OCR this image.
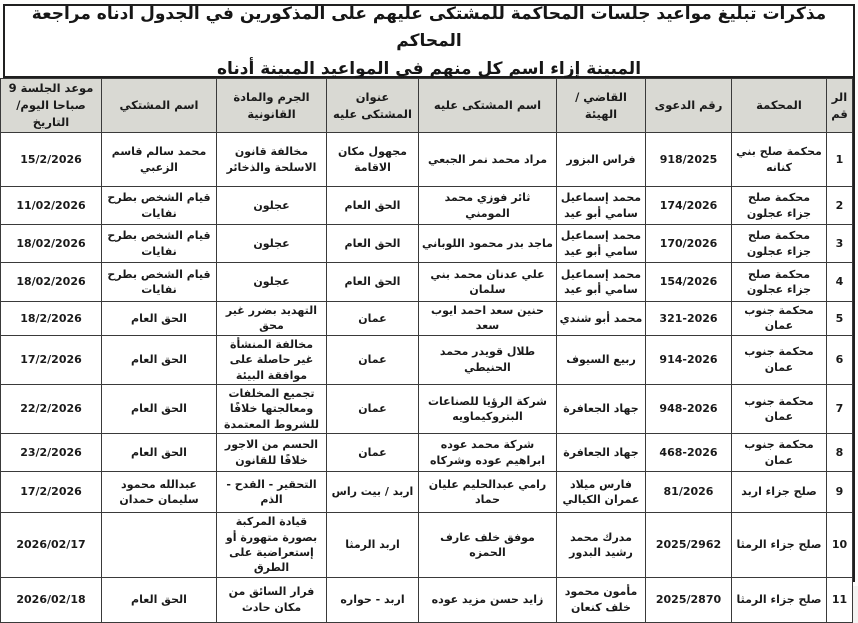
مذكرات تبليغ مواعيد جلسات المحاكمة للمشتكى عليهم على المذكورين في الجدول ادناه مراجعة المحاكم
المبينة إزاء اسم كل منهم في المواعيد المبينة أدناه
الرقم	المحكمة	رقم الدعوى	القاضي / الهيئة	اسم المشتكى عليه	عنوان المشتكى عليه	الجرم والمادة القانونية	اسم المشتكي	موعد الجلسة 9 صباحا اليوم/التاريخ
1	محكمة صلح بني كنانه	918/2025	فراس البزور	مراد محمد نمر الجبعي	مجهول مكان الاقامة	مخالفة قانون الاسلحة والذخائر	محمد سالم قاسم الزعبي	15/2/2026
2	محكمة صلح جزاء عجلون	174/2026	محمد إسماعيل سامي أبو عيد	ثائر فوزي محمد المومني	الحق العام	عجلون	قيام الشخص بطرح نفايات	11/02/2026
3	محكمة صلح جزاء عجلون	170/2026	محمد إسماعيل سامي أبو عيد	ماجد بدر محمود اللوباني	الحق العام	عجلون	قيام الشخص بطرح نفايات	18/02/2026
4	محكمة صلح جزاء عجلون	154/2026	محمد إسماعيل سامي أبو عيد	علي عدنان محمد بني سلمان	الحق العام	عجلون	قيام الشخص بطرح نفايات	18/02/2026
5	محكمة جنوب عمان	321-2026	محمد أبو شندي	حنين سعد احمد ايوب سعد	عمان	التهديد بضرر غير محق	الحق العام	18/2/2026
6	محكمة جنوب عمان	914-2026	ربيع السيوف	طلال قويدر محمد الحنيطي	عمان	مخالفة المنشأة غير حاصلة على موافقة البيئة	الحق العام	17/2/2026
7	محكمة جنوب عمان	948-2026	جهاد الجعافرة	شركة الرؤيا للصناعات البتروكيماويه	عمان	تجميع المخلفات ومعالجتها خلافًا للشروط المعتمدة	الحق العام	22/2/2026
8	محكمة جنوب عمان	468-2026	جهاد الجعافرة	شركة محمد عوده ابراهيم عوده وشركاه	عمان	الحسم من الاجور خلافًا للقانون	الحق العام	23/2/2026
9	صلح جزاء اربد	81/2026	فارس ميلاد عمران الكيالي	رامي عبدالحليم عليان حماد	اربد / بيت راس	التحقير - القدح - الذم	عبدالله محمود سليمان حمدان	17/2/2026
10	صلح جزاء الرمثا	2025/2962	مدرك محمد رشيد البدور	موفق خلف عارف الحمزه	اربد الرمثا	قيادة المركبة بصورة متهورة أو إستعراضية على الطرق		2026/02/17
11	صلح جزاء الرمثا	2025/2870	مأمون محمود خلف كنعان	زايد حسن مزيد عوده	اربد - حواره	فرار السائق من مكان حادث	الحق العام	2026/02/18
